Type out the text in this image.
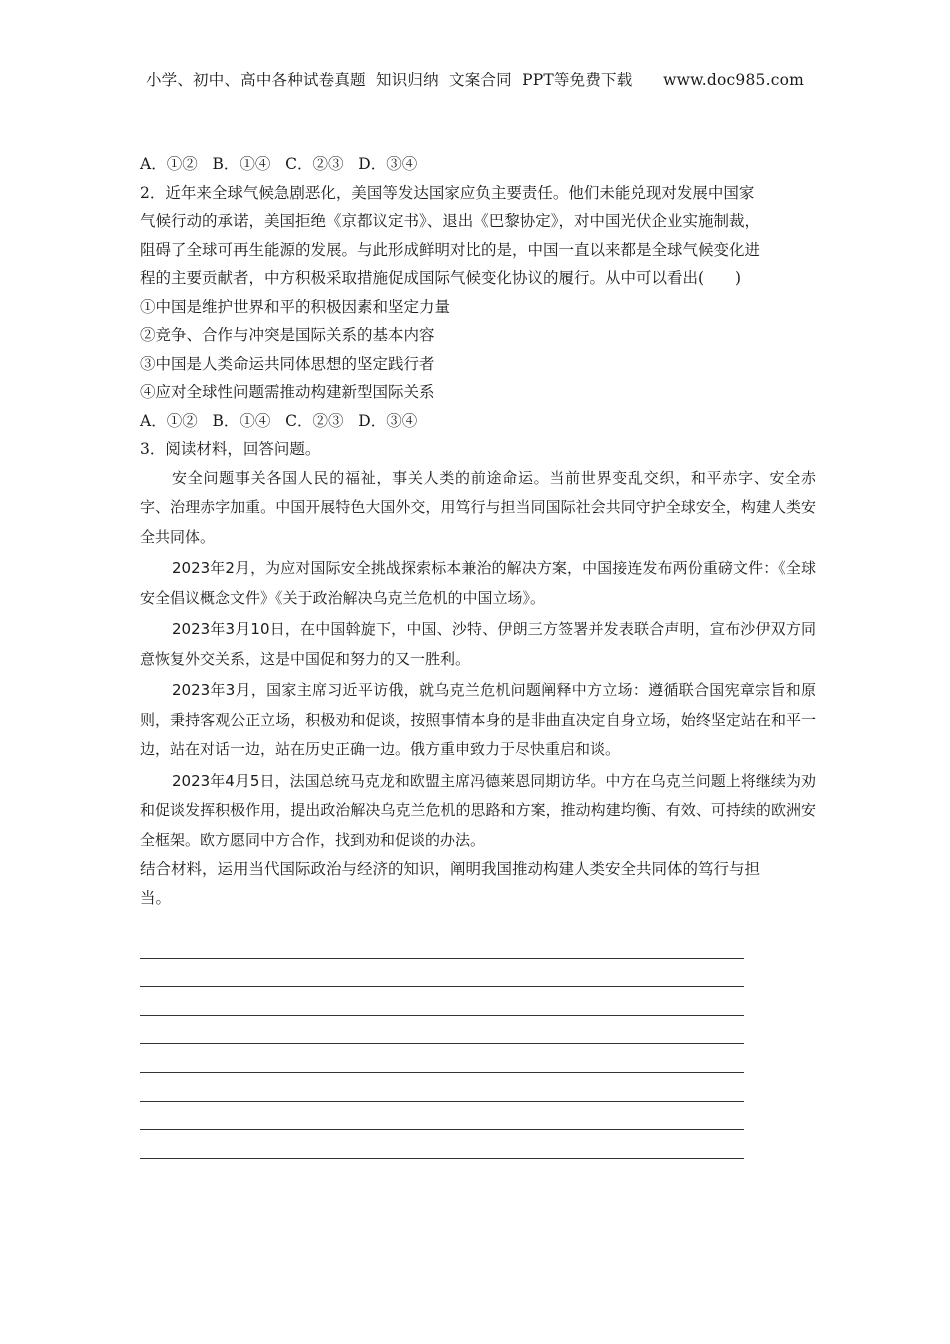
小学、初中、高中各种试卷真题  知识归纳  文案合同  PPT等免费下载      www.doc985.com
A．①②   B．①④   C．②③   D．③④
2．近年来全球气候急剧恶化，美国等发达国家应负主要责任。他们未能兑现对发展中国家
气候行动的承诺，美国拒绝《京都议定书》、退出《巴黎协定》，对中国光伏企业实施制裁，
阻碍了全球可再生能源的发展。与此形成鲜明对比的是，中国一直以来都是全球气候变化进
程的主要贡献者，中方积极采取措施促成国际气候变化协议的履行。从中可以看出(　　)
①中国是维护世界和平的积极因素和坚定力量
②竞争、合作与冲突是国际关系的基本内容
③中国是人类命运共同体思想的坚定践行者
④应对全球性问题需推动构建新型国际关系
A．①②   B．①④   C．②③   D．③④
3．阅读材料，回答问题。

安全问题事关各国人民的福祉，事关人类的前途命运。当前世界变乱交织，和平赤字、安全赤字、治理赤字加重。中国开展特色大国外交，用笃行与担当同国际社会共同守护全球安全，构建人类安全共同体。

2023年2月，为应对国际安全挑战探索标本兼治的解决方案，中国接连发布两份重磅文件：《全球安全倡议概念文件》《关于政治解决乌克兰危机的中国立场》。

2023年3月10日，在中国斡旋下，中国、沙特、伊朗三方签署并发表联合声明，宣布沙伊双方同意恢复外交关系，这是中国促和努力的又一胜利。

2023年3月，国家主席习近平访俄，就乌克兰危机问题阐释中方立场：遵循联合国宪章宗旨和原则，秉持客观公正立场，积极劝和促谈，按照事情本身的是非曲直决定自身立场，始终坚定站在和平一边，站在对话一边，站在历史正确一边。俄方重申致力于尽快重启和谈。

2023年4月5日，法国总统马克龙和欧盟主席冯德莱恩同期访华。中方在乌克兰问题上将继续为劝和促谈发挥积极作用，提出政治解决乌克兰危机的思路和方案，推动构建均衡、有效、可持续的欧洲安全框架。欧方愿同中方合作，找到劝和促谈的办法。

结合材料，运用当代国际政治与经济的知识，阐明我国推动构建人类安全共同体的笃行与担
当。
